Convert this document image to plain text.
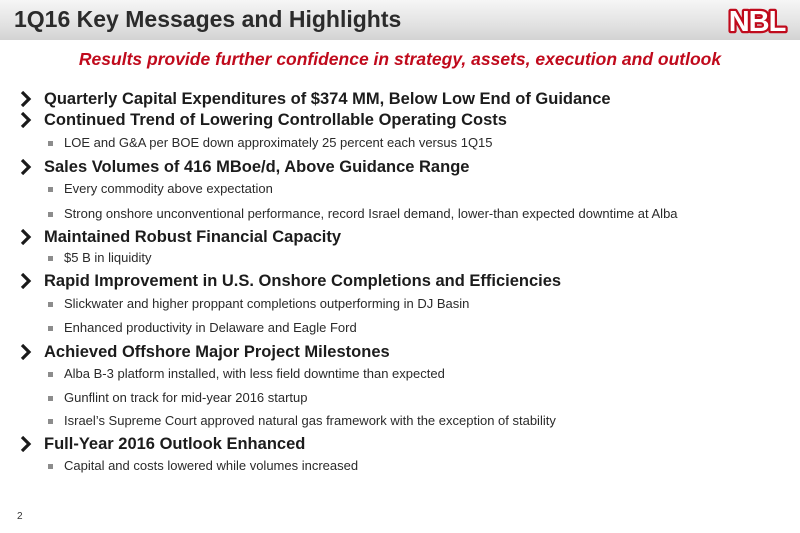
1Q16 Key Messages and Highlights	NBL
Results provide further confidence in strategy, assets, execution and outlook
Quarterly Capital Expenditures of $374 MM, Below Low End of Guidance
Continued Trend of Lowering Controllable Operating Costs
LOE and G&A per BOE down approximately 25 percent each versus 1Q15
Sales Volumes of 416 MBoe/d, Above Guidance Range
Every commodity above expectation
Strong onshore unconventional performance, record Israel demand, lower-than expected downtime at Alba
Maintained Robust Financial Capacity
$5 B in liquidity
Rapid Improvement in U.S. Onshore Completions and Efficiencies
Slickwater and higher proppant completions outperforming in DJ Basin
Enhanced productivity in Delaware and Eagle Ford
Achieved Offshore Major Project Milestones
Alba B-3 platform installed, with less field downtime than expected
Gunflint on track for mid-year 2016 startup
Israel’s Supreme Court approved natural gas framework with the exception of stability
Full-Year 2016 Outlook Enhanced
Capital and costs lowered while volumes increased
2
